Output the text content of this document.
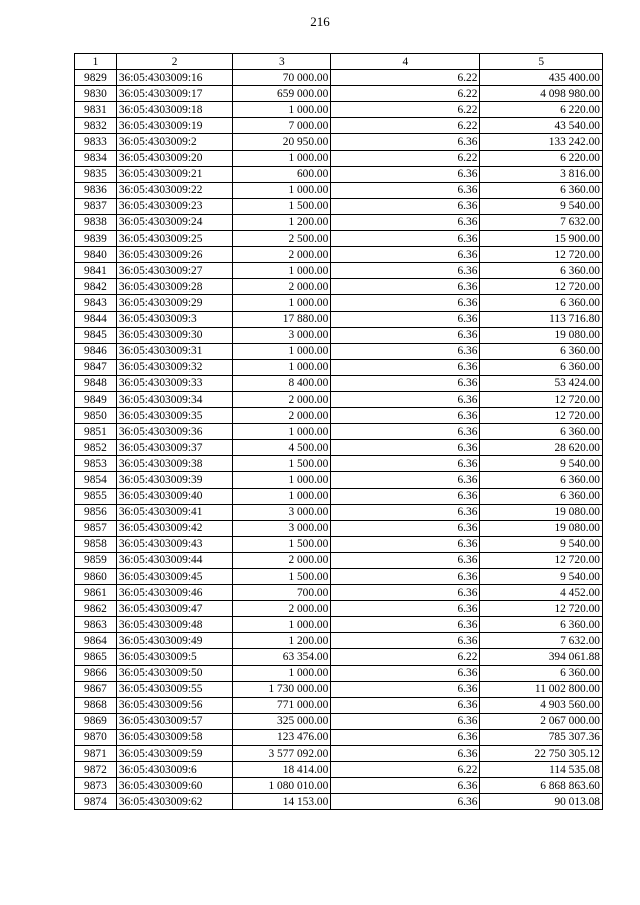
216
1	2	3	4	5
9829	36:05:4303009:16	70 000.00	6.22	435 400.00
9830	36:05:4303009:17	659 000.00	6.22	4 098 980.00
9831	36:05:4303009:18	1 000.00	6.22	6 220.00
9832	36:05:4303009:19	7 000.00	6.22	43 540.00
9833	36:05:4303009:2	20 950.00	6.36	133 242.00
9834	36:05:4303009:20	1 000.00	6.22	6 220.00
9835	36:05:4303009:21	600.00	6.36	3 816.00
9836	36:05:4303009:22	1 000.00	6.36	6 360.00
9837	36:05:4303009:23	1 500.00	6.36	9 540.00
9838	36:05:4303009:24	1 200.00	6.36	7 632.00
9839	36:05:4303009:25	2 500.00	6.36	15 900.00
9840	36:05:4303009:26	2 000.00	6.36	12 720.00
9841	36:05:4303009:27	1 000.00	6.36	6 360.00
9842	36:05:4303009:28	2 000.00	6.36	12 720.00
9843	36:05:4303009:29	1 000.00	6.36	6 360.00
9844	36:05:4303009:3	17 880.00	6.36	113 716.80
9845	36:05:4303009:30	3 000.00	6.36	19 080.00
9846	36:05:4303009:31	1 000.00	6.36	6 360.00
9847	36:05:4303009:32	1 000.00	6.36	6 360.00
9848	36:05:4303009:33	8 400.00	6.36	53 424.00
9849	36:05:4303009:34	2 000.00	6.36	12 720.00
9850	36:05:4303009:35	2 000.00	6.36	12 720.00
9851	36:05:4303009:36	1 000.00	6.36	6 360.00
9852	36:05:4303009:37	4 500.00	6.36	28 620.00
9853	36:05:4303009:38	1 500.00	6.36	9 540.00
9854	36:05:4303009:39	1 000.00	6.36	6 360.00
9855	36:05:4303009:40	1 000.00	6.36	6 360.00
9856	36:05:4303009:41	3 000.00	6.36	19 080.00
9857	36:05:4303009:42	3 000.00	6.36	19 080.00
9858	36:05:4303009:43	1 500.00	6.36	9 540.00
9859	36:05:4303009:44	2 000.00	6.36	12 720.00
9860	36:05:4303009:45	1 500.00	6.36	9 540.00
9861	36:05:4303009:46	700.00	6.36	4 452.00
9862	36:05:4303009:47	2 000.00	6.36	12 720.00
9863	36:05:4303009:48	1 000.00	6.36	6 360.00
9864	36:05:4303009:49	1 200.00	6.36	7 632.00
9865	36:05:4303009:5	63 354.00	6.22	394 061.88
9866	36:05:4303009:50	1 000.00	6.36	6 360.00
9867	36:05:4303009:55	1 730 000.00	6.36	11 002 800.00
9868	36:05:4303009:56	771 000.00	6.36	4 903 560.00
9869	36:05:4303009:57	325 000.00	6.36	2 067 000.00
9870	36:05:4303009:58	123 476.00	6.36	785 307.36
9871	36:05:4303009:59	3 577 092.00	6.36	22 750 305.12
9872	36:05:4303009:6	18 414.00	6.22	114 535.08
9873	36:05:4303009:60	1 080 010.00	6.36	6 868 863.60
9874	36:05:4303009:62	14 153.00	6.36	90 013.08
